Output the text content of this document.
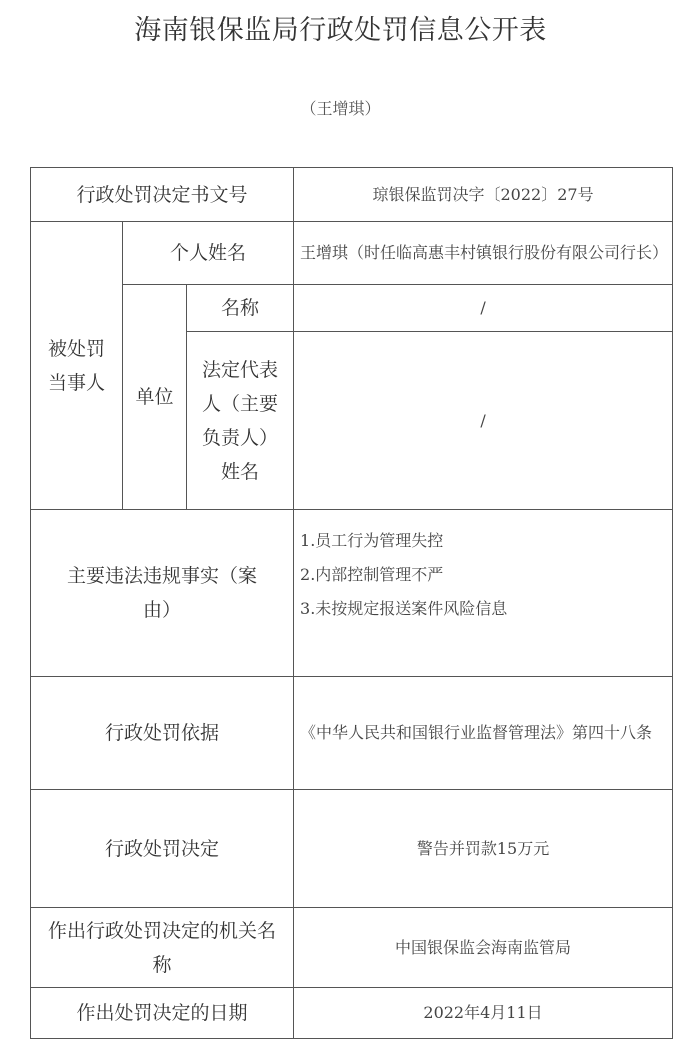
海南银保监局行政处罚信息公开表
（王增琪）
行政处罚决定书文号			琼银保监罚决字〔2022〕27号
被处罚当事人	个人姓名		王增琪（时任临高惠丰村镇银行股份有限公司行长）
	单位	名称	/
		法定代表人（主要负责人）姓名	/
主要违法违规事实（案由）			1.员工行为管理失控
2.内部控制管理不严
3.未按规定报送案件风险信息

行政处罚依据			《中华人民共和国银行业监督管理法》第四十八条
行政处罚决定			警告并罚款15万元
作出行政处罚决定的机关名称			中国银保监会海南监管局
作出处罚决定的日期			2022年4月11日
